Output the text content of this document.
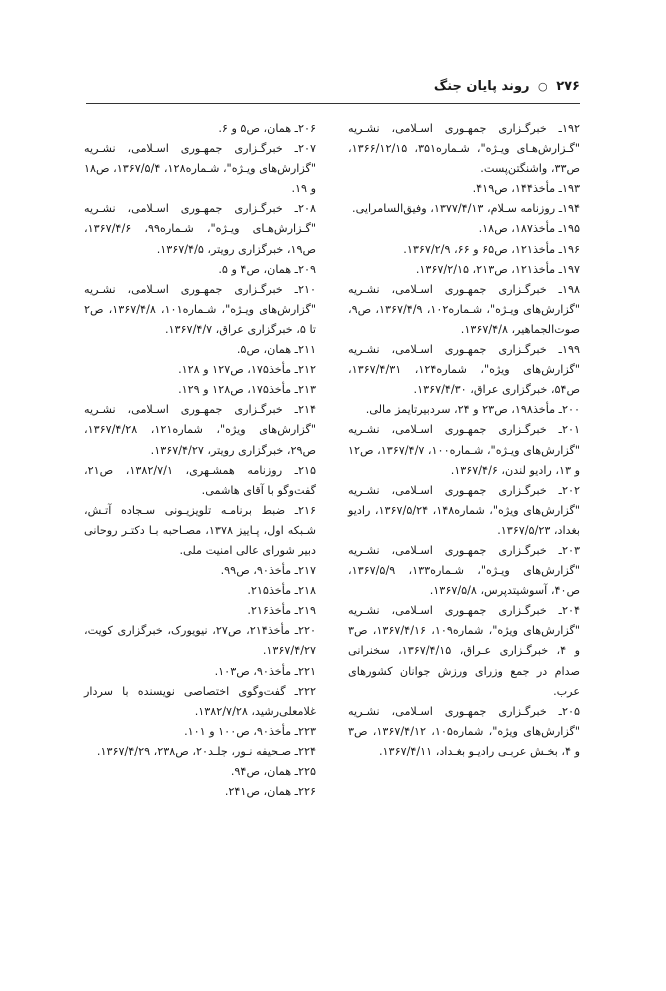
۲۷۶ ○ روند پایان جنگ

۱۹۲ـ خبرگـزاری جمهـوری اسـلامی، نشـریه "گـزارش‌هـای ویـژه"، شـماره۳۵۱، ۱۳۶۶/۱۲/۱۵، ص۳۳، واشنگتن‌پست.

۱۹۳ـ مأخذ۱۴۴، ص۴۱۹.

۱۹۴ـ روزنامه سـلام، ۱۳۷۷/۴/۱۳، وفیق‌السامرایی.

۱۹۵ـ مأخذ۱۸۷، ص۱۸.

۱۹۶ـ مأخذ۱۲۱، ص۶۵ و ۶۶، ۱۳۶۷/۲/۹.

۱۹۷ـ مأخذ۱۲۱، ص۲۱۳، ۱۳۶۷/۲/۱۵.

۱۹۸ـ خبرگـزاری جمهـوری اسـلامی، نشـریه "گزارش‌های ویـژه"، شـماره۱۰۲، ۱۳۶۷/۴/۹، ص۹، صوت‌الجماهیر، ۱۳۶۷/۴/۸.

۱۹۹ـ خبرگـزاری جمهـوری اسـلامی، نشـریه "گزارش‌های ویژه"، شماره۱۲۴، ۱۳۶۷/۴/۳۱، ص۵۴، خبرگزاری عراق، ۱۳۶۷/۴/۳۰.

۲۰۰ـ مأخذ۱۹۸، ص۲۳ و ۲۴، سردبیرتایمز مالی.

۲۰۱ـ خبرگـزاری جمهـوری اسـلامی، نشـریه "گزارش‌های ویـژه"، شـماره۱۰۰، ۱۳۶۷/۴/۷، ص۱۲ و ۱۳، رادیو لندن، ۱۳۶۷/۴/۶.

۲۰۲ـ خبرگـزاری جمهـوری اسـلامی، نشـریه "گزارش‌های ویژه"، شماره۱۴۸، ۱۳۶۷/۵/۲۴، رادیو بغداد، ۱۳۶۷/۵/۲۳.

۲۰۳ـ خبرگـزاری جمهـوری اسـلامی، نشـریه "گزارش‌های ویـژه"، شـماره۱۳۳، ۱۳۶۷/۵/۹، ص۴۰، آسوشیتدپرس، ۱۳۶۷/۵/۸.

۲۰۴ـ خبرگـزاری جمهـوری اسـلامی، نشـریه "گزارش‌های ویژه"، شماره۱۰۹، ۱۳۶۷/۴/۱۶، ص۳ و ۴، خبرگـزاری عـراق، ۱۳۶۷/۴/۱۵، سخنرانی صدام در جمع وزرای ورزش جوانان کشورهای عرب.

۲۰۵ـ خبرگـزاری جمهـوری اسـلامی، نشـریه "گزارش‌های ویژه"، شماره۱۰۵، ۱۳۶۷/۴/۱۲، ص۳ و ۴، بخـش عربـی رادیـو بغـداد، ۱۳۶۷/۴/۱۱.

۲۰۶ـ همان، ص۵ و ۶.

۲۰۷ـ خبرگـزاری جمهـوری اسـلامی، نشـریه "گزارش‌های ویـژه"، شـماره۱۲۸، ۱۳۶۷/۵/۴، ص۱۸ و ۱۹.

۲۰۸ـ خبرگـزاری جمهـوری اسـلامی، نشـریه "گـزارش‌هـای ویـژه"، شـماره۹۹، ۱۳۶۷/۴/۶، ص۱۹، خبرگزاری رویتر، ۱۳۶۷/۴/۵.

۲۰۹ـ همان، ص۴ و ۵.

۲۱۰ـ خبرگـزاری جمهـوری اسـلامی، نشـریه "گزارش‌های ویـژه"، شـماره۱۰۱، ۱۳۶۷/۴/۸، ص۲ تا ۵، خبرگزاری عراق، ۱۳۶۷/۴/۷.

۲۱۱ـ همان، ص۵.

۲۱۲ـ مأخذ۱۷۵، ص۱۲۷ و ۱۲۸.

۲۱۳ـ مأخذ۱۷۵، ص۱۲۸ و ۱۲۹.

۲۱۴ـ خبرگـزاری جمهـوری اسـلامی، نشـریه "گزارش‌های ویژه"، شماره۱۲۱، ۱۳۶۷/۴/۲۸، ص۲۹، خبرگزاری رویتر، ۱۳۶۷/۴/۲۷.

۲۱۵ـ روزنامه همشـهری، ۱۳۸۲/۷/۱، ص۲۱، گفت‌وگو با آقای هاشمی.

۲۱۶ـ ضبط برنامـه تلویزیـونی سـجاده آتـش، شـبکه اول، پـاییز ۱۳۷۸، مصـاحبه بـا دکتـر روحانی دبیر شورای عالی امنیت ملی.

۲۱۷ـ مأخذ۹۰، ص۹۹.

۲۱۸ـ مأخذ۲۱۵.

۲۱۹ـ مأخذ۲۱۶.

۲۲۰ـ مأخذ۲۱۴، ص۲۷، نیویورک، خبرگزاری کویت، ۱۳۶۷/۴/۲۷.

۲۲۱ـ مأخذ۹۰، ص۱۰۳.

۲۲۲ـ گفت‌وگوی اختصاصی نویسنده با سردار غلامعلی‌رشید، ۱۳۸۲/۷/۲۸.

۲۲۳ـ مأخذ۹۰، ص۱۰۰ و ۱۰۱.

۲۲۴ـ صـحیفه نـور، جلـد۲۰، ص۲۳۸، ۱۳۶۷/۴/۲۹.

۲۲۵ـ همان، ص۹۴.

۲۲۶ـ همان، ص۲۴۱.
